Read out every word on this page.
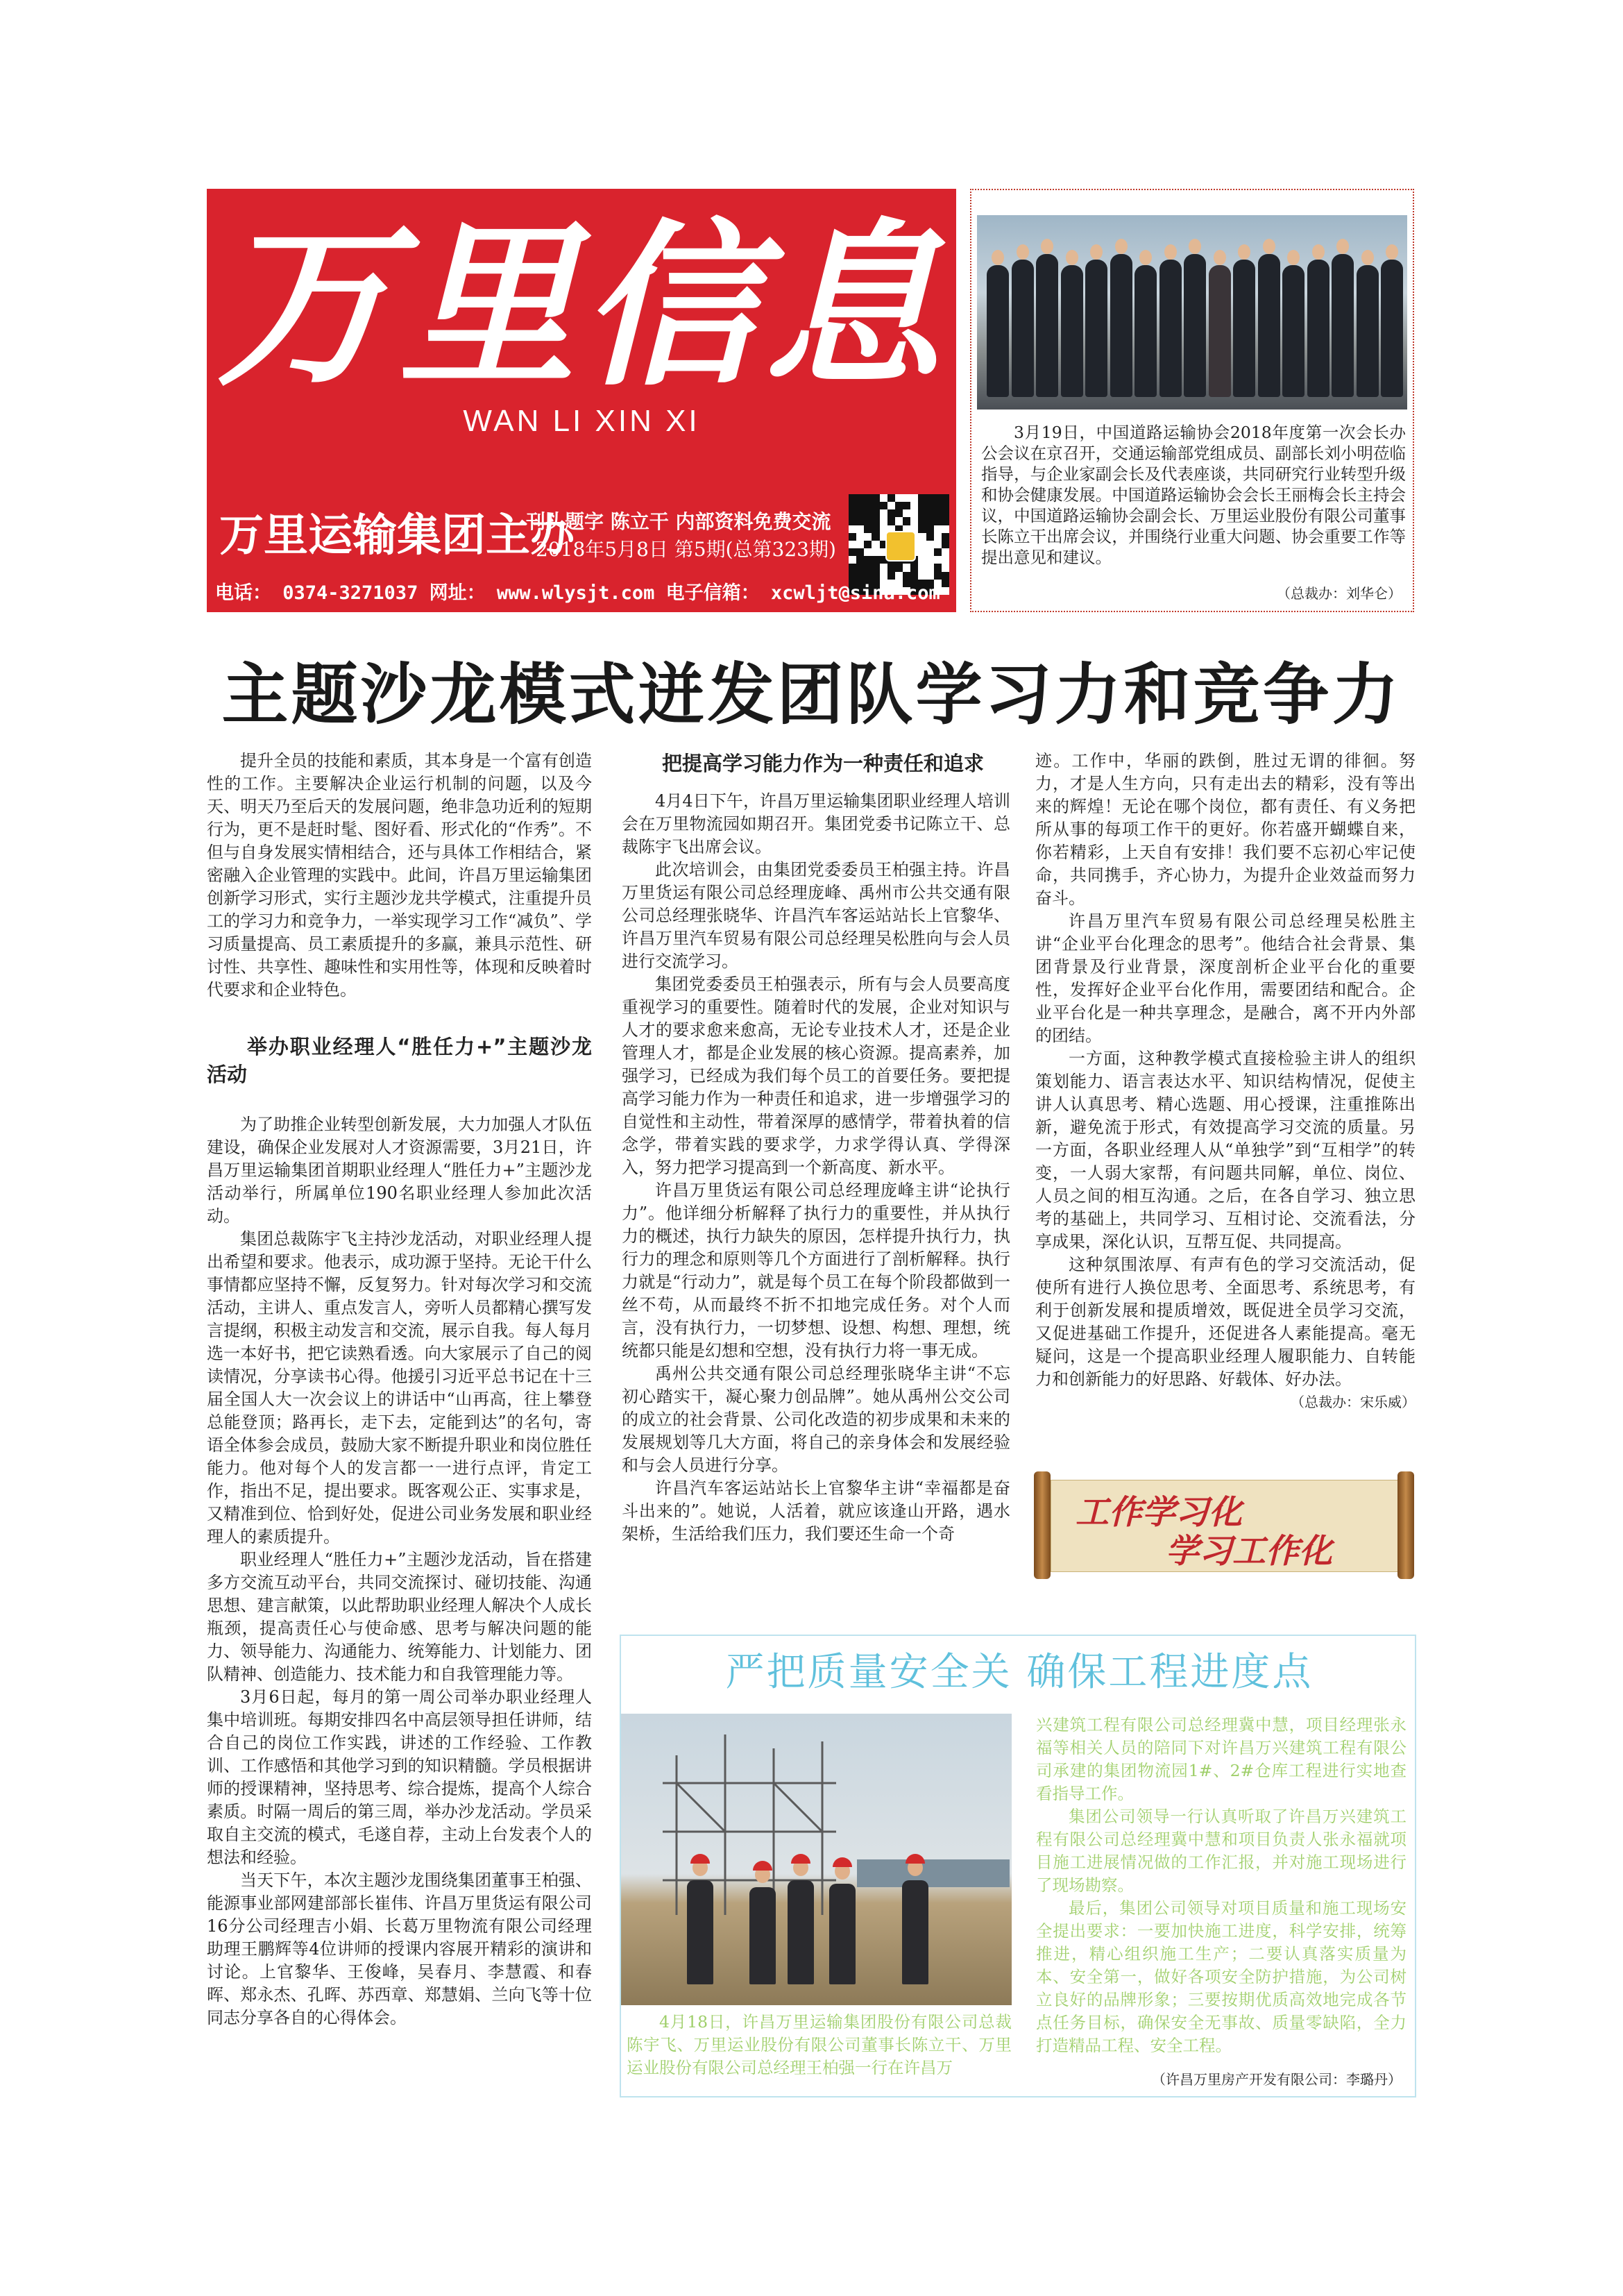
万里信息
WAN LI XIN XI
万里运输集团主办
刊头题字 陈立干 内部资料免费交流
2018年5月8日 第5期(总第323期)
电话： 0374-3271037 网址： www.wlysjt.com 电子信箱： xcwljt@sina.com
3月19日，中国道路运输协会2018年度第一次会长办公会议在京召开，交通运输部党组成员、副部长刘小明莅临指导，与企业家副会长及代表座谈，共同研究行业转型升级和协会健康发展。中国道路运输协会会长王丽梅会长主持会议，中国道路运输协会副会长、万里运业股份有限公司董事长陈立干出席会议，并围绕行业重大问题、协会重要工作等提出意见和建议。
（总裁办：刘华仑）
主题沙龙模式迸发团队学习力和竞争力

提升全员的技能和素质，其本身是一个富有创造性的工作。主要解决企业运行机制的问题，以及今天、明天乃至后天的发展问题，绝非急功近利的短期行为，更不是赶时髦、图好看、形式化的“作秀”。不但与自身发展实情相结合，还与具体工作相结合，紧密融入企业管理的实践中。此间，许昌万里运输集团创新学习形式，实行主题沙龙共学模式，注重提升员工的学习力和竞争力，一举实现学习工作“减负”、学习质量提高、员工素质提升的多赢，兼具示范性、研讨性、共享性、趣味性和实用性等，体现和反映着时代要求和企业特色。

举办职业经理人“胜任力+”主题沙龙活动

为了助推企业转型创新发展，大力加强人才队伍建设，确保企业发展对人才资源需要，3月21日，许昌万里运输集团首期职业经理人“胜任力+”主题沙龙活动举行，所属单位190名职业经理人参加此次活动。

集团总裁陈宇飞主持沙龙活动，对职业经理人提出希望和要求。他表示，成功源于坚持。无论干什么事情都应坚持不懈，反复努力。针对每次学习和交流活动，主讲人、重点发言人，旁听人员都精心撰写发言提纲，积极主动发言和交流，展示自我。每人每月选一本好书，把它读熟看透。向大家展示了自己的阅读情况，分享读书心得。他援引习近平总书记在十三届全国人大一次会议上的讲话中“山再高，往上攀登总能登顶；路再长，走下去，定能到达”的名句，寄语全体参会成员，鼓励大家不断提升职业和岗位胜任能力。他对每个人的发言都一一进行点评，肯定工作，指出不足，提出要求。既客观公正、实事求是，又精准到位、恰到好处，促进公司业务发展和职业经理人的素质提升。

职业经理人“胜任力+”主题沙龙活动，旨在搭建多方交流互动平台，共同交流探讨、碰切技能、沟通思想、建言献策，以此帮助职业经理人解决个人成长瓶颈，提高责任心与使命感、思考与解决问题的能力、领导能力、沟通能力、统筹能力、计划能力、团队精神、创造能力、技术能力和自我管理能力等。

3月6日起，每月的第一周公司举办职业经理人集中培训班。每期安排四名中高层领导担任讲师，结合自己的岗位工作实践，讲述的工作经验、工作教训、工作感悟和其他学习到的知识精髓。学员根据讲师的授课精神，坚持思考、综合提炼，提高个人综合素质。时隔一周后的第三周，举办沙龙活动。学员采取自主交流的模式，毛遂自荐，主动上台发表个人的想法和经验。

当天下午，本次主题沙龙围绕集团董事王柏强、能源事业部网建部部长崔伟、许昌万里货运有限公司16分公司经理吉小娟、长葛万里物流有限公司经理助理王鹏辉等4位讲师的授课内容展开精彩的演讲和讨论。上官黎华、王俊峰，吴春月、李慧霞、和春晖、郑永杰、孔晖、苏西章、郑慧娟、兰向飞等十位同志分享各自的心得体会。

把提高学习能力作为一种责任和追求

4月4日下午，许昌万里运输集团职业经理人培训会在万里物流园如期召开。集团党委书记陈立干、总裁陈宇飞出席会议。

此次培训会，由集团党委委员王柏强主持。许昌万里货运有限公司总经理庞峰、禹州市公共交通有限公司总经理张晓华、许昌汽车客运站站长上官黎华、许昌万里汽车贸易有限公司总经理吴松胜向与会人员进行交流学习。

集团党委委员王柏强表示，所有与会人员要高度重视学习的重要性。随着时代的发展，企业对知识与人才的要求愈来愈高，无论专业技术人才，还是企业管理人才，都是企业发展的核心资源。提高素养，加强学习，已经成为我们每个员工的首要任务。要把提高学习能力作为一种责任和追求，进一步增强学习的自觉性和主动性，带着深厚的感情学，带着执着的信念学，带着实践的要求学，力求学得认真、学得深入，努力把学习提高到一个新高度、新水平。

许昌万里货运有限公司总经理庞峰主讲“论执行力”。他详细分析解释了执行力的重要性，并从执行力的概述，执行力缺失的原因，怎样提升执行力，执行力的理念和原则等几个方面进行了剖析解释。执行力就是“行动力”，就是每个员工在每个阶段都做到一丝不苟，从而最终不折不扣地完成任务。对个人而言，没有执行力，一切梦想、设想、构想、理想，统统都只能是幻想和空想，没有执行力将一事无成。

禹州公共交通有限公司总经理张晓华主讲“不忘初心踏实干，凝心聚力创品牌”。她从禹州公交公司的成立的社会背景、公司化改造的初步成果和未来的发展规划等几大方面，将自己的亲身体会和发展经验和与会人员进行分享。

许昌汽车客运站站长上官黎华主讲“幸福都是奋斗出来的”。她说，人活着，就应该逢山开路，遇水架桥，生活给我们压力，我们要还生命一个奇

迹。工作中，华丽的跌倒，胜过无谓的徘徊。努力，才是人生方向，只有走出去的精彩，没有等出来的辉煌！无论在哪个岗位，都有责任、有义务把所从事的每项工作干的更好。你若盛开蝴蝶自来，你若精彩，上天自有安排！我们要不忘初心牢记使命，共同携手，齐心协力，为提升企业效益而努力奋斗。

许昌万里汽车贸易有限公司总经理吴松胜主讲“企业平台化理念的思考”。他结合社会背景、集团背景及行业背景，深度剖析企业平台化的重要性，发挥好企业平台化作用，需要团结和配合。企业平台化是一种共享理念，是融合，离不开内外部的团结。

一方面，这种教学模式直接检验主讲人的组织策划能力、语言表达水平、知识结构情况，促使主讲人认真思考、精心选题、用心授课，注重推陈出新，避免流于形式，有效提高学习交流的质量。另一方面，各职业经理人从“单独学”到“互相学”的转变，一人弱大家帮，有问题共同解，单位、岗位、人员之间的相互沟通。之后，在各自学习、独立思考的基础上，共同学习、互相讨论、交流看法，分享成果，深化认识，互帮互促、共同提高。

这种氛围浓厚、有声有色的学习交流活动，促使所有进行人换位思考、全面思考、系统思考，有利于创新发展和提质增效，既促进全员学习交流，又促进基础工作提升，还促进各人素能提高。毫无疑问，这是一个提高职业经理人履职能力、自转能力和创新能力的好思路、好载体、好办法。

（总裁办：宋乐威）
工作学习化
学习工作化
严把质量安全关 确保工程进度点
4月18日，许昌万里运输集团股份有限公司总裁陈宇飞、万里运业股份有限公司董事长陈立干、万里运业股份有限公司总经理王柏强一行在许昌万

兴建筑工程有限公司总经理冀中慧，项目经理张永福等相关人员的陪同下对许昌万兴建筑工程有限公司承建的集团物流园1#、2#仓库工程进行实地查看指导工作。

集团公司领导一行认真听取了许昌万兴建筑工程有限公司总经理冀中慧和项目负责人张永福就项目施工进展情况做的工作汇报，并对施工现场进行了现场勘察。

最后，集团公司领导对项目质量和施工现场安全提出要求：一要加快施工进度，科学安排，统筹推进，精心组织施工生产；二要认真落实质量为本、安全第一，做好各项安全防护措施，为公司树立良好的品牌形象；三要按期优质高效地完成各节点任务目标，确保安全无事故、质量零缺陷，全力打造精品工程、安全工程。

（许昌万里房产开发有限公司：李璐丹）
